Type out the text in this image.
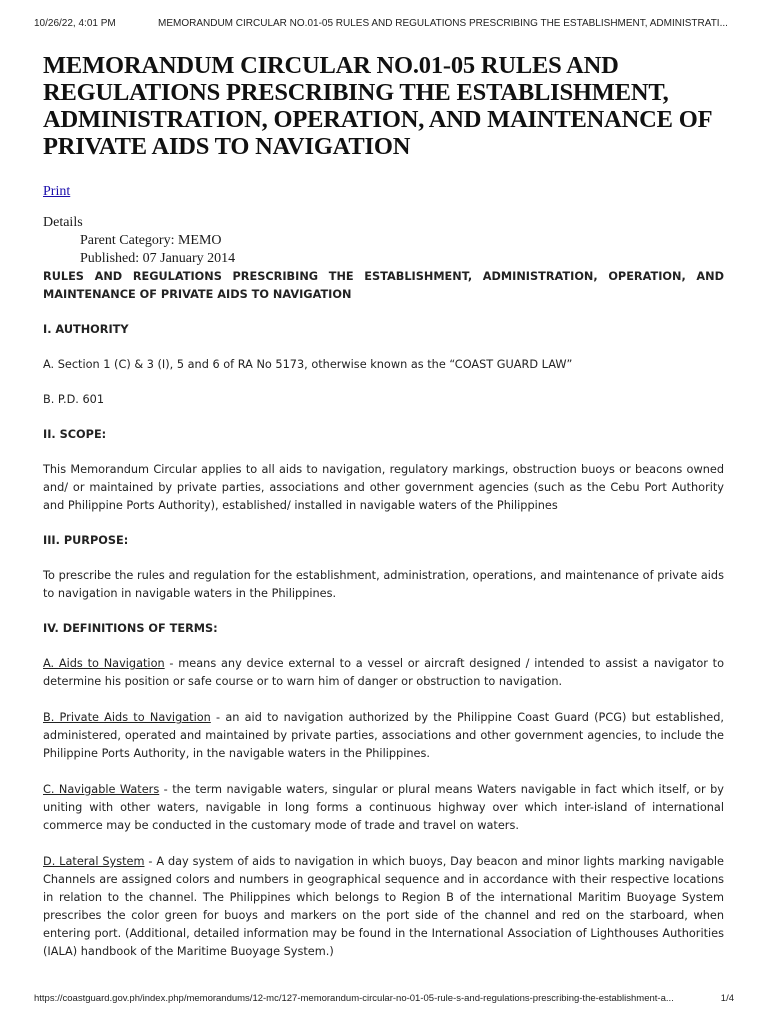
10/26/22, 4:01 PM	MEMORANDUM CIRCULAR NO.01-05 RULES AND REGULATIONS PRESCRIBING THE ESTABLISHMENT, ADMINISTRATI...
MEMORANDUM CIRCULAR NO.01-05 RULES AND REGULATIONS PRESCRIBING THE ESTABLISHMENT, ADMINISTRATION, OPERATION, AND MAINTENANCE OF PRIVATE AIDS TO NAVIGATION
Print
Details
Parent Category: MEMO
Published: 07 January 2014

RULES AND REGULATIONS PRESCRIBING THE ESTABLISHMENT, ADMINISTRATION, OPERATION, AND MAINTENANCE OF PRIVATE AIDS TO NAVIGATION

I. AUTHORITY

A. Section 1 (C) & 3 (I), 5 and 6 of RA No 5173, otherwise known as the “COAST GUARD LAW”

B. P.D. 601

II. SCOPE:

This Memorandum Circular applies to all aids to navigation, regulatory markings, obstruction buoys or beacons owned and/ or maintained by private parties, associations and other government agencies (such as the Cebu Port Authority and Philippine Ports Authority), established/ installed in navigable waters of the Philippines

III. PURPOSE:

To prescribe the rules and regulation for the establishment, administration, operations, and maintenance of private aids to navigation in navigable waters in the Philippines.

IV. DEFINITIONS OF TERMS:

A. Aids to Navigation - means any device external to a vessel or aircraft designed / intended to assist a navigator to determine his position or safe course or to warn him of danger or obstruction to navigation.

B. Private Aids to Navigation - an aid to navigation authorized by the Philippine Coast Guard (PCG) but established, administered, operated and maintained by private parties, associations and other government agencies, to include the Philippine Ports Authority, in the navigable waters in the Philippines.

C. Navigable Waters - the term navigable waters, singular or plural means Waters navigable in fact which itself, or by uniting with other waters, navigable in long forms a continuous highway over which inter-island of international commerce may be conducted in the customary mode of trade and travel on waters.

D. Lateral System - A day system of aids to navigation in which buoys, Day beacon and minor lights marking navigable Channels are assigned colors and numbers in geographical sequence and in accordance with their respective locations in relation to the channel. The Philippines which belongs to Region B of the international Maritim Buoyage System prescribes the color green for buoys and markers on the port side of the channel and red on the starboard, when entering port. (Additional, detailed information may be found in the International Association of Lighthouses Authorities (IALA) handbook of the Maritime Buoyage System.)

https://coastguard.gov.ph/index.php/memorandums/12-mc/127-memorandum-circular-no-01-05-rule-s-and-regulations-prescribing-the-establishment-a...	1/4
